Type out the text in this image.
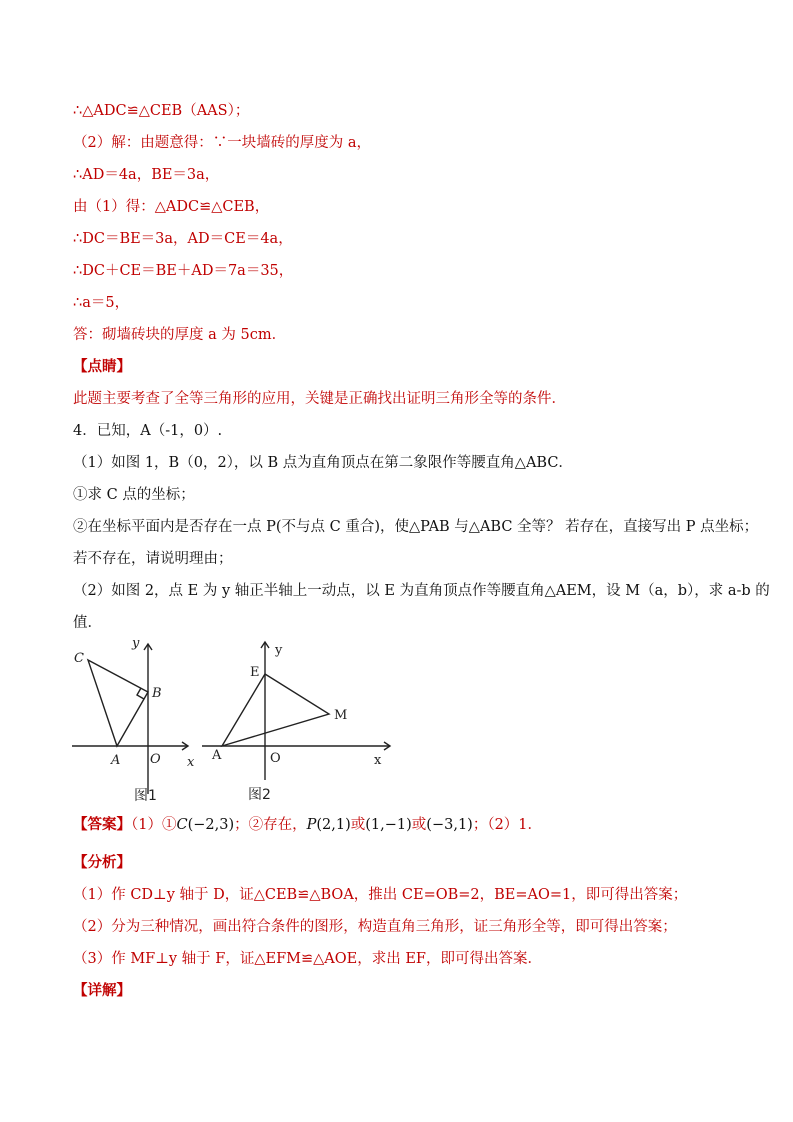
∴△ADC≌△CEB（AAS）；
（2）解：由题意得：∵一块墙砖的厚度为 a，
∴AD＝4a，BE＝3a，
由（1）得：△ADC≌△CEB，
∴DC＝BE＝3a，AD＝CE＝4a，
∴DC＋CE＝BE＋AD＝7a＝35，
∴a＝5，
答：砌墙砖块的厚度 a 为 5cm．
【点睛】
此题主要考查了全等三角形的应用，关键是正确找出证明三角形全等的条件．
4．已知，A（-1，0）.
（1）如图 1，B（0，2），以 B 点为直角顶点在第二象限作等腰直角△ABC．
①求 C 点的坐标；
②在坐标平面内是否存在一点 P(不与点 C 重合)，使△PAB 与△ABC 全等？ 若存在，直接写出 P 点坐标；
若不存在，请说明理由；
（2）如图 2，点 E 为 y 轴正半轴上一动点，以 E 为直角顶点作等腰直角△AEM，设 M（a，b），求 a-b 的
值．
C
B
A O x
y
图1
E
M
A	O	x
y
图2
【答案】（1）①C(−2,3)；②存在，P(2,1)或(1,−1)或(−3,1)；（2）1．
【分析】
（1）作 CD⊥y 轴于 D，证△CEB≌△BOA，推出 CE=OB=2，BE=AO=1，即可得出答案；
（2）分为三种情况，画出符合条件的图形，构造直角三角形，证三角形全等，即可得出答案；
（3）作 MF⊥y 轴于 F，证△EFM≌△AOE，求出 EF，即可得出答案．
【详解】
